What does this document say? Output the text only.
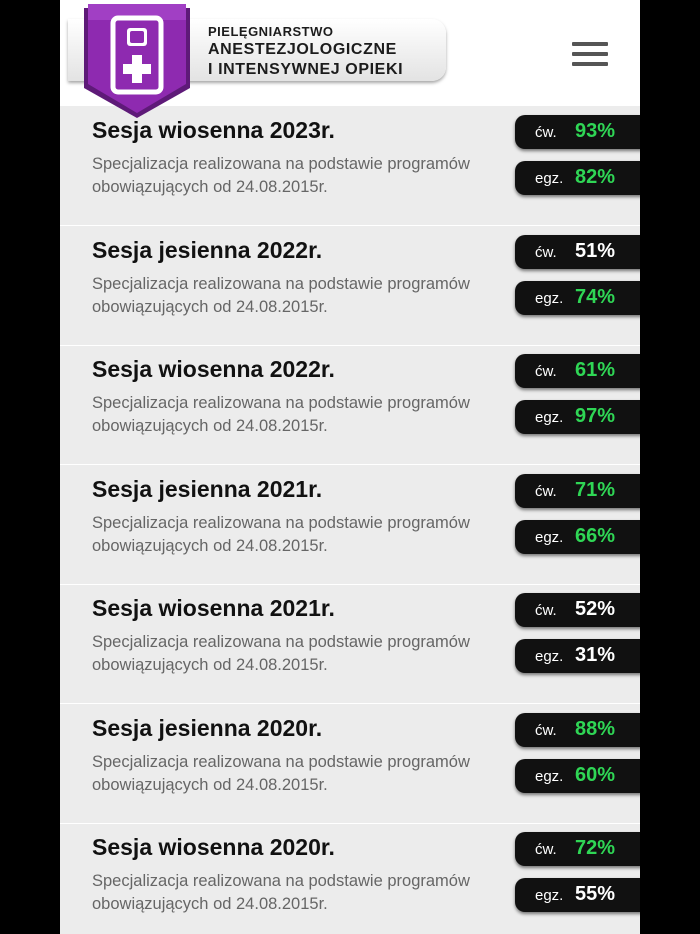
PIELĘGNIARSTWO
ANESTEZJOLOGICZNE
I INTENSYWNEJ OPIEKI
Sesja wiosenna 2023r.
Specjalizacja realizowana na podstawie programów obowiązujących od 24.08.2015r.
ćw. 93%
egz. 82%
Sesja jesienna 2022r.
Specjalizacja realizowana na podstawie programów obowiązujących od 24.08.2015r.
ćw. 51%
egz. 74%
Sesja wiosenna 2022r.
Specjalizacja realizowana na podstawie programów obowiązujących od 24.08.2015r.
ćw. 61%
egz. 97%
Sesja jesienna 2021r.
Specjalizacja realizowana na podstawie programów obowiązujących od 24.08.2015r.
ćw. 71%
egz. 66%
Sesja wiosenna 2021r.
Specjalizacja realizowana na podstawie programów obowiązujących od 24.08.2015r.
ćw. 52%
egz. 31%
Sesja jesienna 2020r.
Specjalizacja realizowana na podstawie programów obowiązujących od 24.08.2015r.
ćw. 88%
egz. 60%
Sesja wiosenna 2020r.
Specjalizacja realizowana na podstawie programów obowiązujących od 24.08.2015r.
ćw. 72%
egz. 55%
